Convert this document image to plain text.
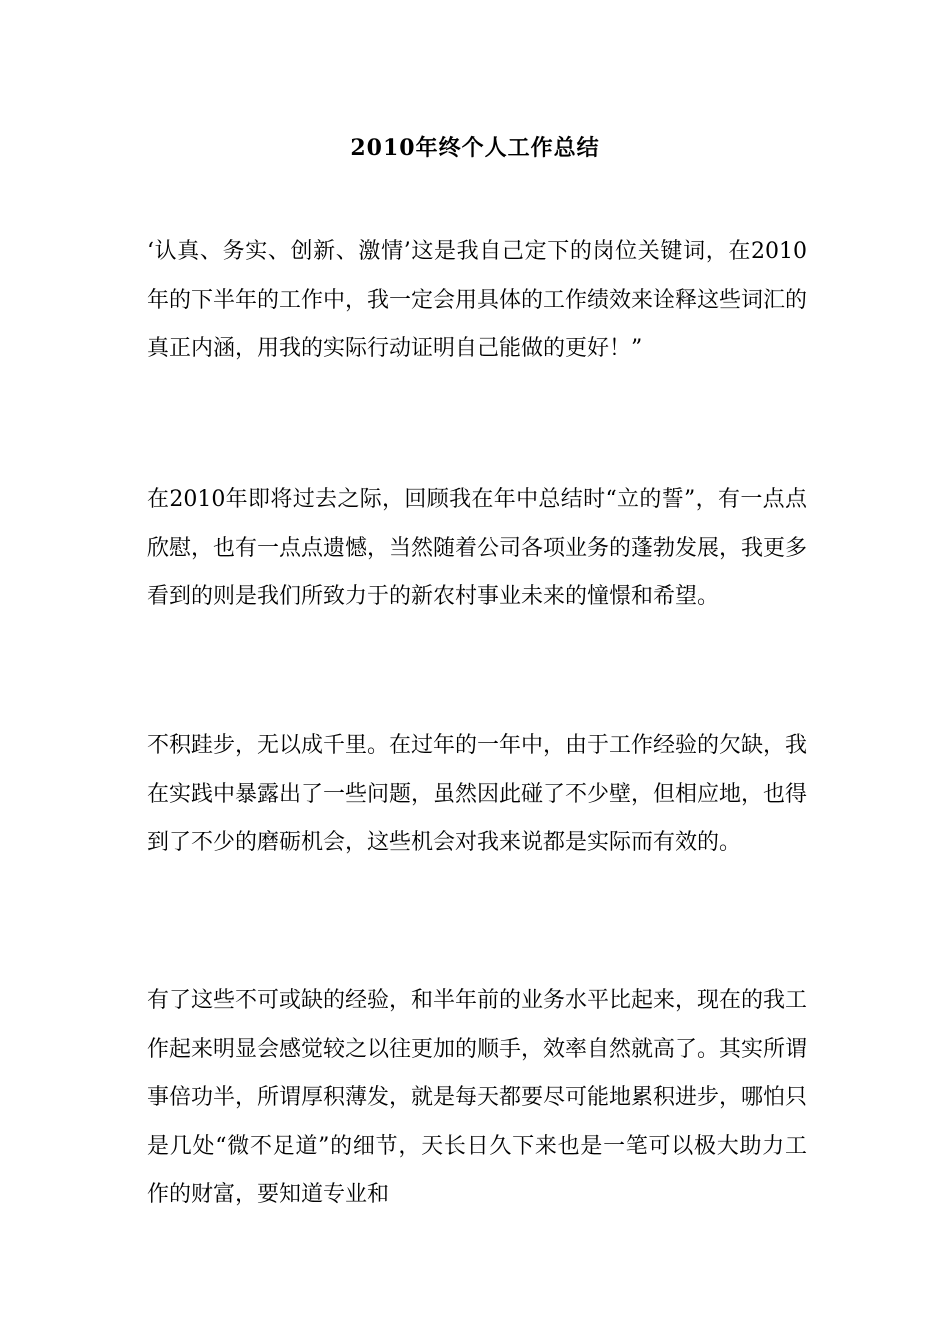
2010年终个人工作总结

‘认真、务实、创新、激情’这是我自己定下的岗位关键词，在2010年的下半年的工作中，我一定会用具体的工作绩效来诠释这些词汇的真正内涵，用我的实际行动证明自己能做的更好！”

在2010年即将过去之际，回顾我在年中总结时“立的誓”，有一点点欣慰，也有一点点遗憾，当然随着公司各项业务的蓬勃发展，我更多看到的则是我们所致力于的新农村事业未来的憧憬和希望。

不积跬步，无以成千里。在过年的一年中，由于工作经验的欠缺，我在实践中暴露出了一些问题，虽然因此碰了不少壁，但相应地，也得到了不少的磨砺机会，这些机会对我来说都是实际而有效的。

有了这些不可或缺的经验，和半年前的业务水平比起来，现在的我工作起来明显会感觉较之以往更加的顺手，效率自然就高了。其实所谓事倍功半，所谓厚积薄发，就是每天都要尽可能地累积进步，哪怕只是几处“微不足道”的细节，天长日久下来也是一笔可以极大助力工作的财富，要知道专业和
